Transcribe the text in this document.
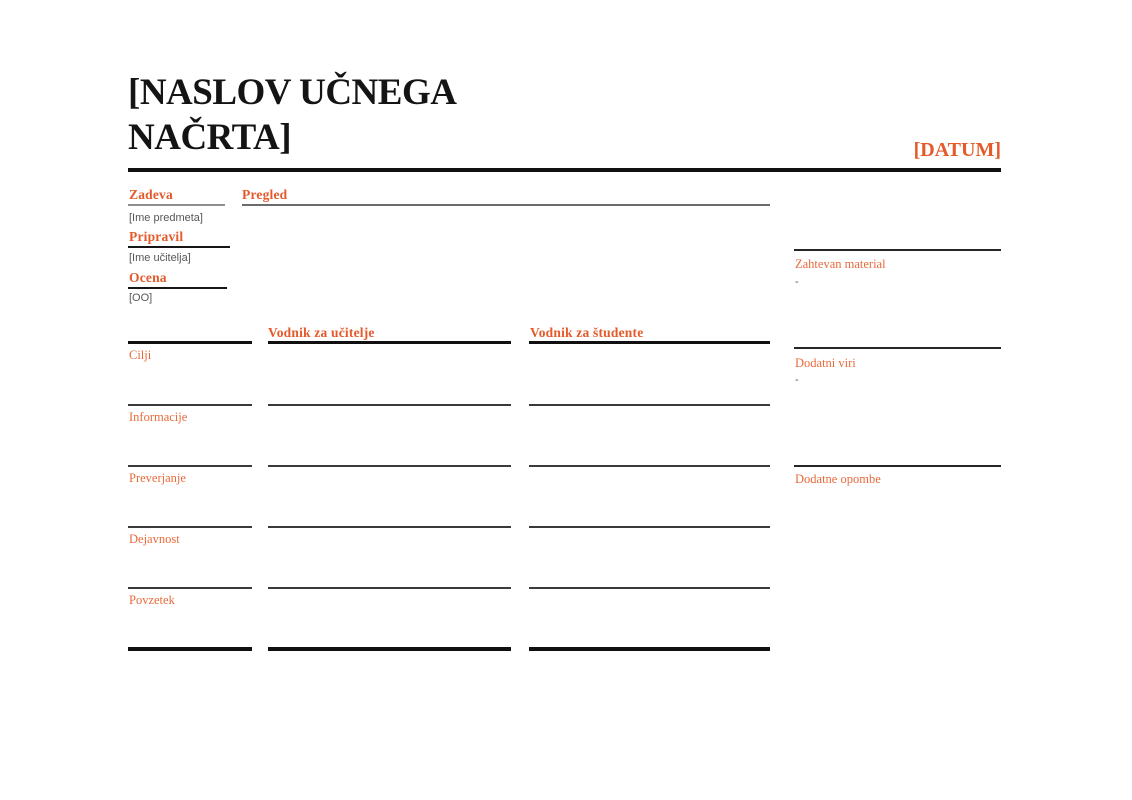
[NASLOV UČNEGA NAČRTA]	[DATUM]
Zadeva
[Ime predmeta]
Pripravil
[Ime učitelja]
Ocena
[OO]
Pregled
Vodnik za učitelje	Vodnik za študente
Cilji
Informacije
Preverjanje
Dejavnost
Povzetek
Zahtevan material
-
Dodatni viri
-
Dodatne opombe
